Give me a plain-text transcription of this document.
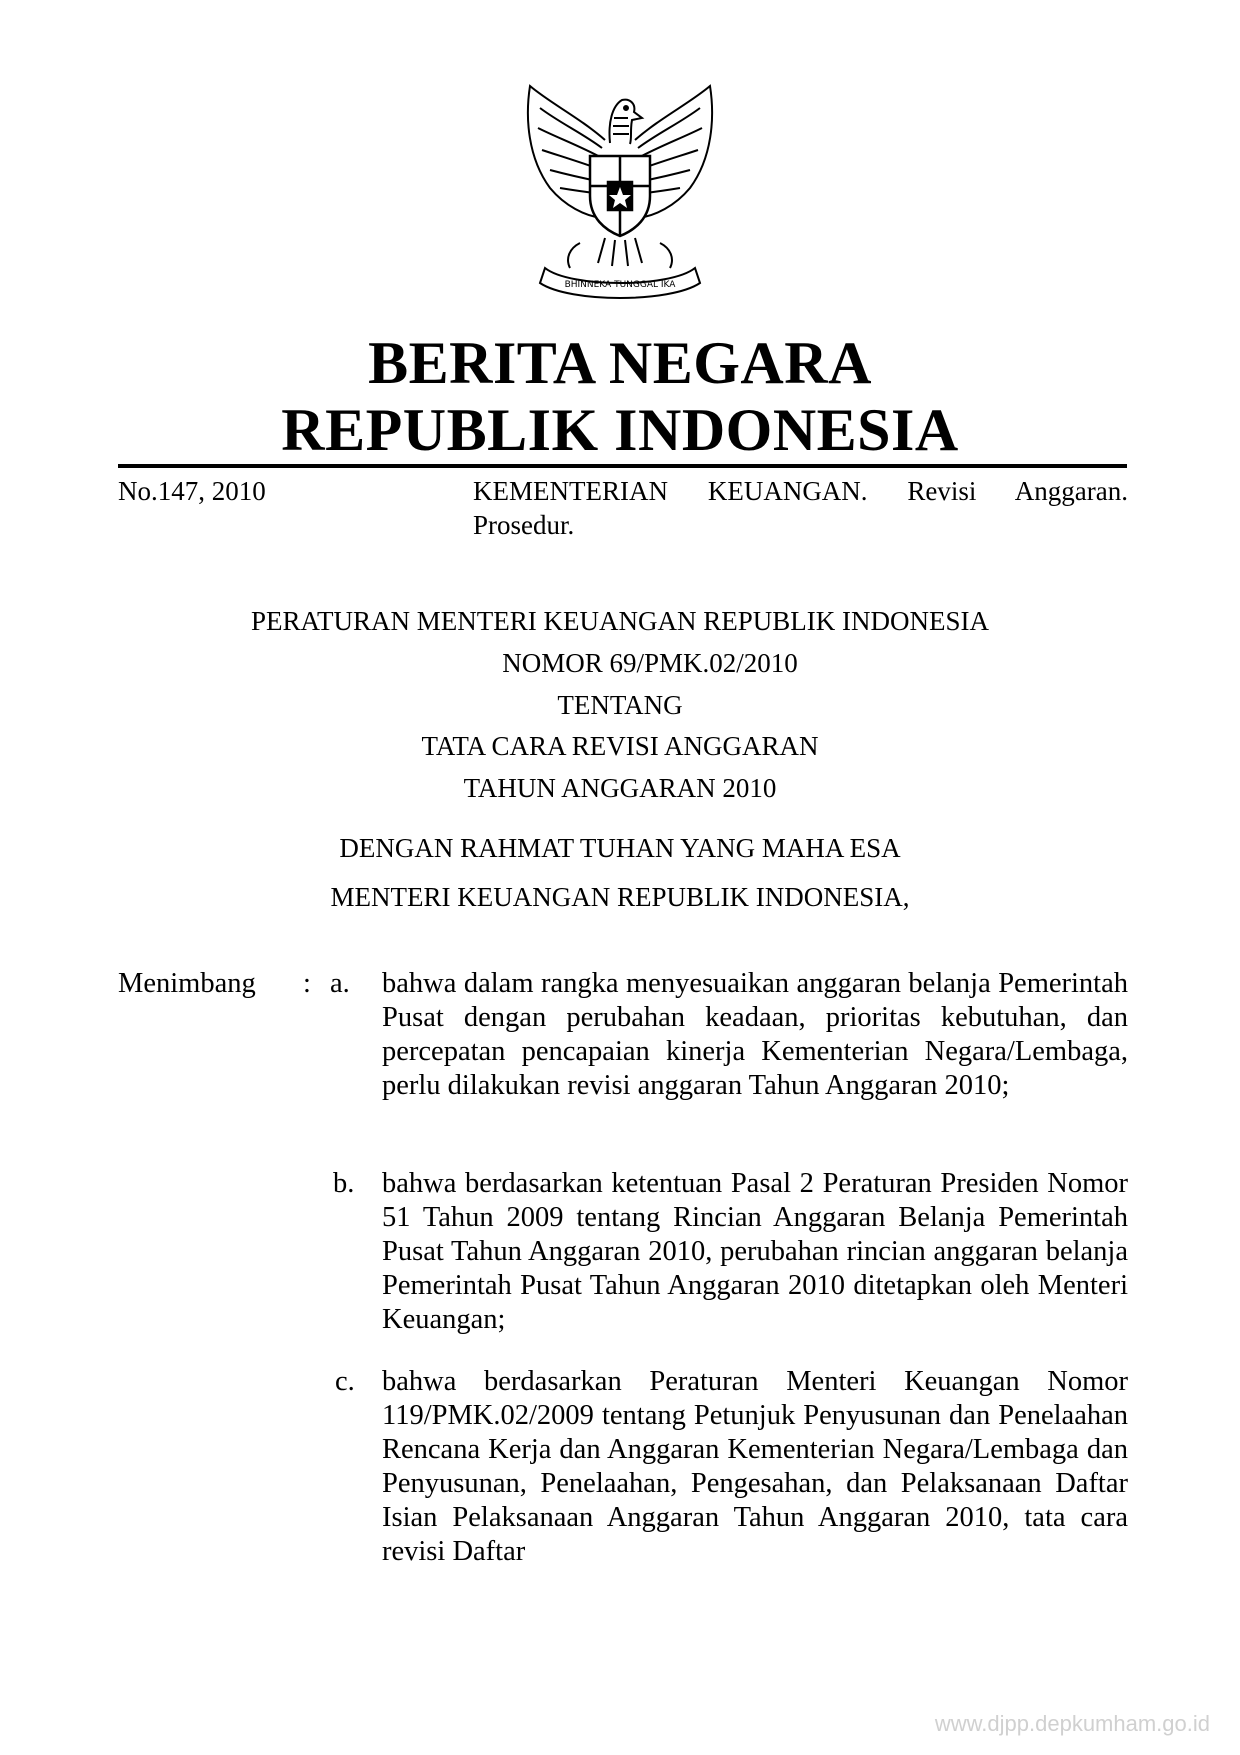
BHINNEKA TUNGGAL IKA
BERITA NEGARA
REPUBLIK INDONESIA
No.147, 2010	KEMENTERIAN KEUANGAN. Revisi Anggaran. Prosedur.
PERATURAN MENTERI KEUANGAN REPUBLIK INDONESIA
NOMOR 69/PMK.02/2010
TENTANG
TATA CARA REVISI ANGGARAN
TAHUN ANGGARAN 2010
DENGAN RAHMAT TUHAN YANG MAHA ESA
MENTERI KEUANGAN REPUBLIK INDONESIA,
Menimbang : a. bahwa dalam rangka menyesuaikan anggaran belanja Pemerintah Pusat dengan perubahan keadaan, prioritas kebutuhan, dan percepatan pencapaian kinerja Kementerian Negara/Lembaga, perlu dilakukan revisi anggaran Tahun Anggaran 2010;
b. bahwa berdasarkan ketentuan Pasal 2 Peraturan Presiden Nomor 51 Tahun 2009 tentang Rincian Anggaran Belanja Pemerintah Pusat Tahun Anggaran 2010, perubahan rincian anggaran belanja Pemerintah Pusat Tahun Anggaran 2010 ditetapkan oleh Menteri Keuangan;
c. bahwa berdasarkan Peraturan Menteri Keuangan Nomor 119/PMK.02/2009 tentang Petunjuk Penyusunan dan Penelaahan Rencana Kerja dan Anggaran Kementerian Negara/Lembaga dan Penyusunan, Penelaahan, Pengesahan, dan Pelaksanaan Daftar Isian Pelaksanaan Anggaran Tahun Anggaran 2010, tata cara revisi Daftar
www.djpp.depkumham.go.id
